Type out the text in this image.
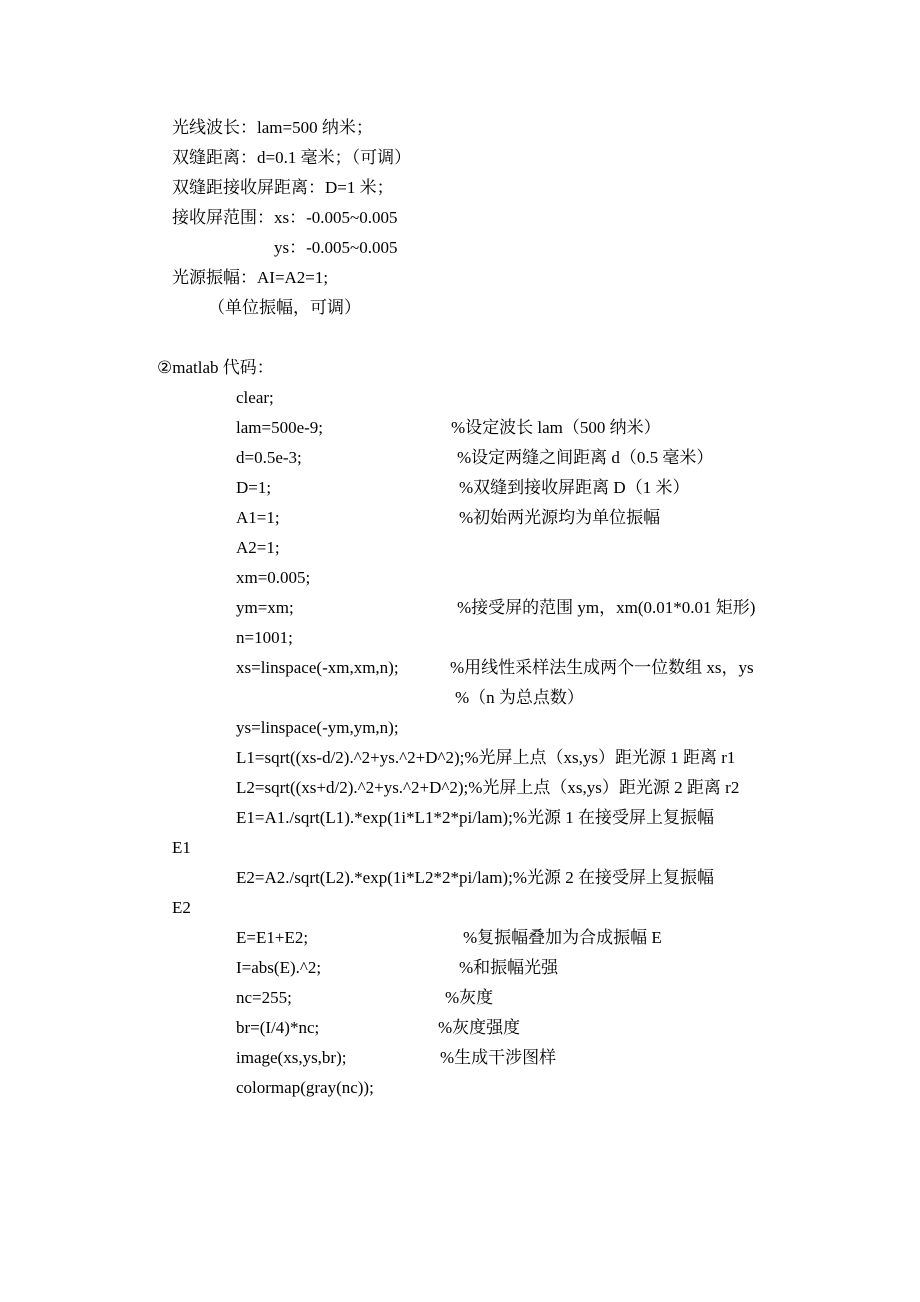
光线波长：lam=500 纳米；
双缝距离：d=0.1 毫米；（可调）
双缝距接收屏距离：D=1 米；
接收屏范围：xs：-0.005~0.005
ys：-0.005~0.005
光源振幅：AI=A2=1;
（单位振幅，可调）
②matlab 代码：
clear;
lam=500e-9;	%设定波长 lam（500 纳米）
d=0.5e-3;	%设定两缝之间距离 d（0.5 毫米）
D=1;	%双缝到接收屏距离 D（1 米）
A1=1;	%初始两光源均为单位振幅
A2=1;
xm=0.005;
ym=xm;	%接受屏的范围 ym，xm(0.01*0.01 矩形)
n=1001;
xs=linspace(-xm,xm,n);	%用线性采样法生成两个一位数组 xs，ys
%（n 为总点数）
ys=linspace(-ym,ym,n);
L1=sqrt((xs-d/2).^2+ys.^2+D^2);%光屏上点（xs,ys）距光源 1 距离 r1
L2=sqrt((xs+d/2).^2+ys.^2+D^2);%光屏上点（xs,ys）距光源 2 距离 r2
E1=A1./sqrt(L1).*exp(1i*L1*2*pi/lam);%光源 1 在接受屏上复振幅
E1
E2=A2./sqrt(L2).*exp(1i*L2*2*pi/lam);%光源 2 在接受屏上复振幅
E2
E=E1+E2;	%复振幅叠加为合成振幅 E
I=abs(E).^2;	%和振幅光强
nc=255;	%灰度
br=(I/4)*nc;	%灰度强度
image(xs,ys,br);	%生成干涉图样
colormap(gray(nc));
